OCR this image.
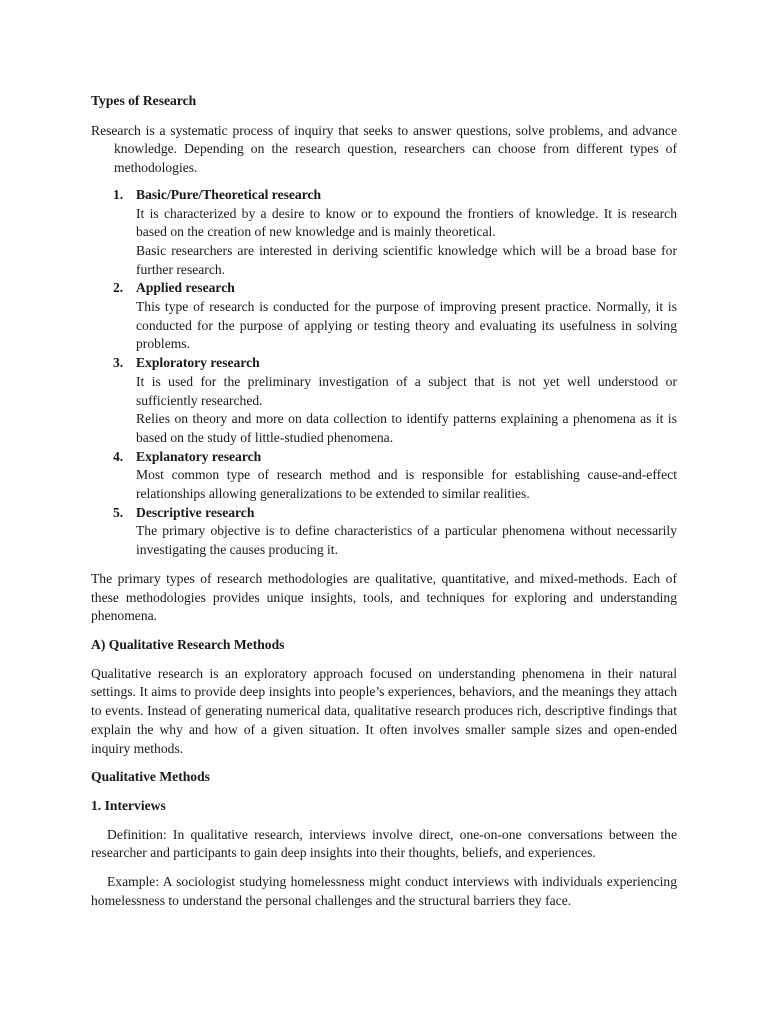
Types of Research

Research is a systematic process of inquiry that seeks to answer questions, solve problems, and advance knowledge. Depending on the research question, researchers can choose from different types of methodologies.

1. Basic/Pure/Theoretical research

It is characterized by a desire to know or to expound the frontiers of knowledge. It is research based on the creation of new knowledge and is mainly theoretical.

Basic researchers are interested in deriving scientific knowledge which will be a broad base for further research.

2. Applied research

This type of research is conducted for the purpose of improving present practice. Normally, it is conducted for the purpose of applying or testing theory and evaluating its usefulness in solving problems.

3. Exploratory research

It is used for the preliminary investigation of a subject that is not yet well understood or sufficiently researched.

Relies on theory and more on data collection to identify patterns explaining a phenomena as it is based on the study of little-studied phenomena.

4. Explanatory research

Most common type of research method and is responsible for establishing cause-and-effect relationships allowing generalizations to be extended to similar realities.

5. Descriptive research

The primary objective is to define characteristics of a particular phenomena without necessarily investigating the causes producing it.

The primary types of research methodologies are qualitative, quantitative, and mixed-methods. Each of these methodologies provides unique insights, tools, and techniques for exploring and understanding phenomena.

A) Qualitative Research Methods

Qualitative research is an exploratory approach focused on understanding phenomena in their natural settings. It aims to provide deep insights into people’s experiences, behaviors, and the meanings they attach to events. Instead of generating numerical data, qualitative research produces rich, descriptive findings that explain the why and how of a given situation. It often involves smaller sample sizes and open-ended inquiry methods.

Qualitative Methods
1. Interviews

Definition: In qualitative research, interviews involve direct, one-on-one conversations between the researcher and participants to gain deep insights into their thoughts, beliefs, and experiences.

Example: A sociologist studying homelessness might conduct interviews with individuals experiencing homelessness to understand the personal challenges and the structural barriers they face.
